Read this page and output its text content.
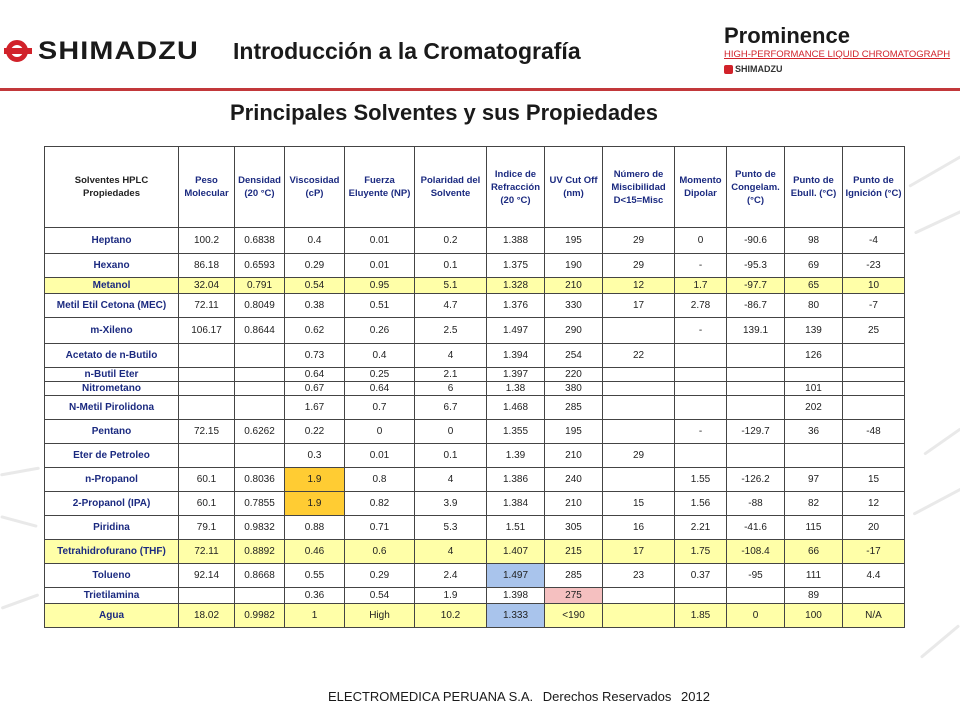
SHIMADZU Introducción a la Cromatografía
Prominence
HIGH-PERFORMANCE LIQUID CHROMATOGRAPH
SHIMADZU
Principales Solventes y sus Propiedades
Solventes HPLC Propiedades	Peso Molecular	Densidad (20 °C)	Viscosidad (cP)	Fuerza Eluyente (NP)	Polaridad del Solvente	Indice de Refracción (20 °C)	UV Cut Off (nm)	Número de Miscibilidad D<15=Misc	Momento Dipolar	Punto de Congelam. (°C)	Punto de Ebull. (°C)	Punto de Ignición (°C)
Heptano	100.2	0.6838	0.4	0.01	0.2	1.388	195	29	0	-90.6	98	-4
Hexano	86.18	0.6593	0.29	0.01	0.1	1.375	190	29	-	-95.3	69	-23
Metanol	32.04	0.791	0.54	0.95	5.1	1.328	210	12	1.7	-97.7	65	10
Metil Etil Cetona (MEC)	72.11	0.8049	0.38	0.51	4.7	1.376	330	17	2.78	-86.7	80	-7
m-Xileno	106.17	0.8644	0.62	0.26	2.5	1.497	290		-	139.1	139	25
Acetato de n-Butilo			0.73	0.4	4	1.394	254	22			126	
n-Butil Eter			0.64	0.25	2.1	1.397	220					
Nitrometano			0.67	0.64	6	1.38	380				101	
N-Metil Pirolidona			1.67	0.7	6.7	1.468	285				202	
Pentano	72.15	0.6262	0.22	0	0	1.355	195		-	-129.7	36	-48
Eter de Petroleo			0.3	0.01	0.1	1.39	210	29				
n-Propanol	60.1	0.8036	1.9	0.8	4	1.386	240		1.55	-126.2	97	15
2-Propanol (IPA)	60.1	0.7855	1.9	0.82	3.9	1.384	210	15	1.56	-88	82	12
Piridina	79.1	0.9832	0.88	0.71	5.3	1.51	305	16	2.21	-41.6	115	20
Tetrahidrofurano (THF)	72.11	0.8892	0.46	0.6	4	1.407	215	17	1.75	-108.4	66	-17
Tolueno	92.14	0.8668	0.55	0.29	2.4	1.497	285	23	0.37	-95	111	4.4
Trietilamina			0.36	0.54	1.9	1.398	275				89	
Agua	18.02	0.9982	1	High	10.2	1.333	<190		1.85	0	100	N/A
ELECTROMEDICA PERUANA S.A. Derechos Reservados 2012
